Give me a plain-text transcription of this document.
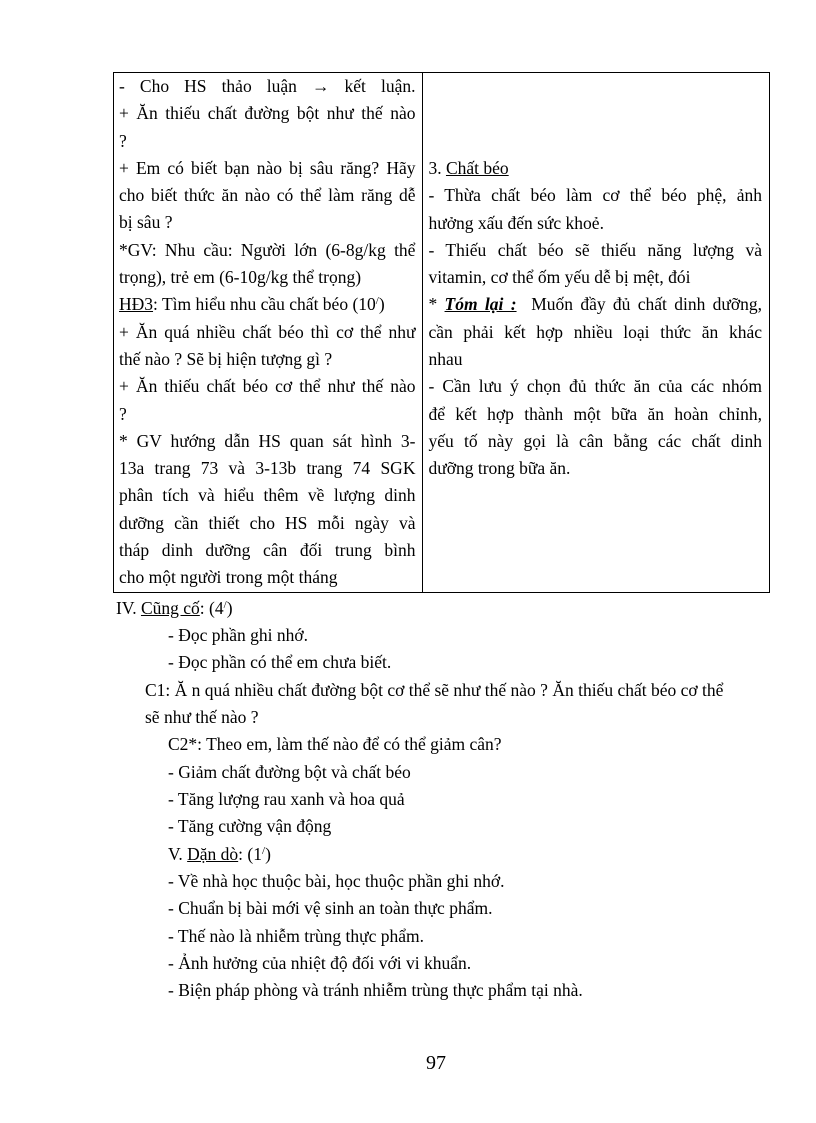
- Cho HS thảo luận → kết luận.
+ Ăn thiếu chất đường bột như thế nào
?
+ Em có biết bạn nào bị sâu răng? Hãy
cho biết thức ăn nào có thể làm răng dễ
bị sâu ?
*GV: Nhu cầu: Người lớn (6-8g/kg thể
trọng), trẻ em (6-10g/kg thể trọng)
HĐ3: Tìm hiểu nhu cầu chất béo (10/)
+ Ăn quá nhiều chất béo thì cơ thể như
thế nào ? Sẽ bị hiện tượng gì ?
+ Ăn thiếu chất béo cơ thể như thế nào
?
* GV hướng dẫn HS quan sát hình 3-
13a trang 73 và 3-13b trang 74 SGK
phân tích và hiểu thêm về lượng dinh
dưỡng cần thiết cho HS mỗi ngày và
tháp dinh dưỡng cân đối trung bình
cho một người trong một tháng

3. Chất béo
- Thừa chất béo làm cơ thể béo phệ, ảnh
hưởng xấu đến sức khoẻ.
- Thiếu chất béo sẽ thiếu năng lượng và
vitamin, cơ thể ốm yếu dễ bị mệt, đói
* Tóm lại : Muốn đầy đủ chất dinh dưỡng,
cần phải kết hợp nhiều loại thức ăn khác
nhau
- Cần lưu ý chọn đủ thức ăn của các nhóm
để kết hợp thành một bữa ăn hoàn chỉnh,
yếu tố này gọi là cân bằng các chất dinh
dưỡng trong bữa ăn.
IV. Cũng cố: (4/)
- Đọc phần ghi nhớ.
- Đọc phần có thể em chưa biết.
C1: Ă n quá nhiều chất đường bột cơ thể sẽ như thế nào ? Ăn thiếu chất béo cơ thể
sẽ như thế nào ?
C2*: Theo em, làm thế nào để có thể giảm cân?
- Giảm chất đường bột và chất béo
- Tăng lượng rau xanh và hoa quả
- Tăng cường vận động
V. Dặn dò: (1/)
- Về nhà học thuộc bài, học thuộc phần ghi nhớ.
- Chuẩn bị bài mới vệ sinh an toàn thực phẩm.
- Thế nào là nhiễm trùng thực phẩm.
- Ảnh hưởng của nhiệt độ đối với vi khuẩn.
- Biện pháp phòng và tránh nhiễm trùng thực phẩm tại nhà.
97
